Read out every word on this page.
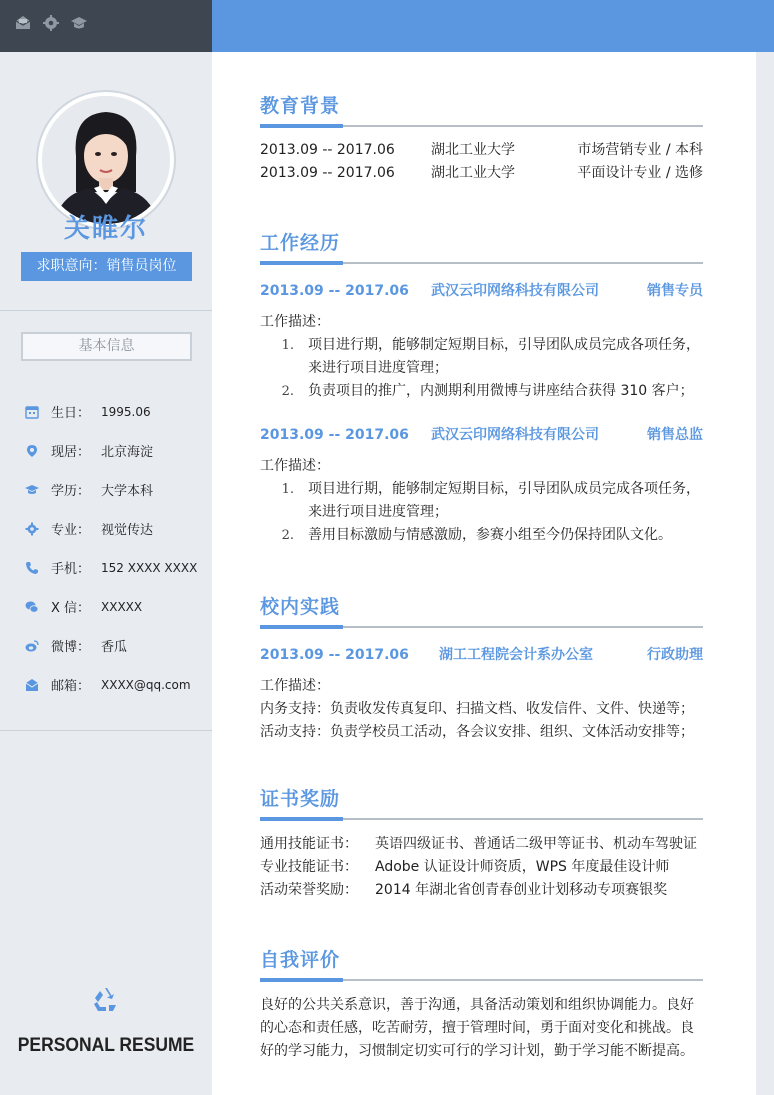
关睢尔
求职意向：销售员岗位
基本信息
生日： 1995.06
现居： 北京海淀
学历： 大学本科
专业： 视觉传达
手机： 152 XXXX XXXX
X 信： XXXXX
微博： 香瓜
邮箱： XXXX@qq.com
PERSONAL RESUME
教育背景
2013.09 -- 2017.06	湖北工业大学	市场营销专业 / 本科
2013.09 -- 2017.06	湖北工业大学	平面设计专业 / 选修
工作经历
2013.09 -- 2017.06	武汉云印网络科技有限公司	销售专员
工作描述：
1.	项目进行期，能够制定短期目标，引导团队成员完成各项任务，
来进行项目进度管理；
2.	负责项目的推广，内测期利用微博与讲座结合获得 310 客户；
2013.09 -- 2017.06	武汉云印网络科技有限公司	销售总监
工作描述：
1.	项目进行期，能够制定短期目标，引导团队成员完成各项任务，
来进行项目进度管理；
2.	善用目标激励与情感激励，参赛小组至今仍保持团队文化。
校内实践
2013.09 -- 2017.06	湖工工程院会计系办公室	行政助理
工作描述：
内务支持：负责收发传真复印、扫描文档、收发信件、文件、快递等；
活动支持：负责学校员工活动，各会议安排、组织、文体活动安排等；
证书奖励
通用技能证书：	英语四级证书、普通话二级甲等证书、机动车驾驶证
专业技能证书：	Adobe 认证设计师资质，WPS 年度最佳设计师
活动荣誉奖励：	2014 年湖北省创青春创业计划移动专项赛银奖
自我评价
良好的公共关系意识，善于沟通，具备活动策划和组织协调能力。良好
的心态和责任感，吃苦耐劳，擅于管理时间，勇于面对变化和挑战。良
好的学习能力，习惯制定切实可行的学习计划，勤于学习能不断提高。
